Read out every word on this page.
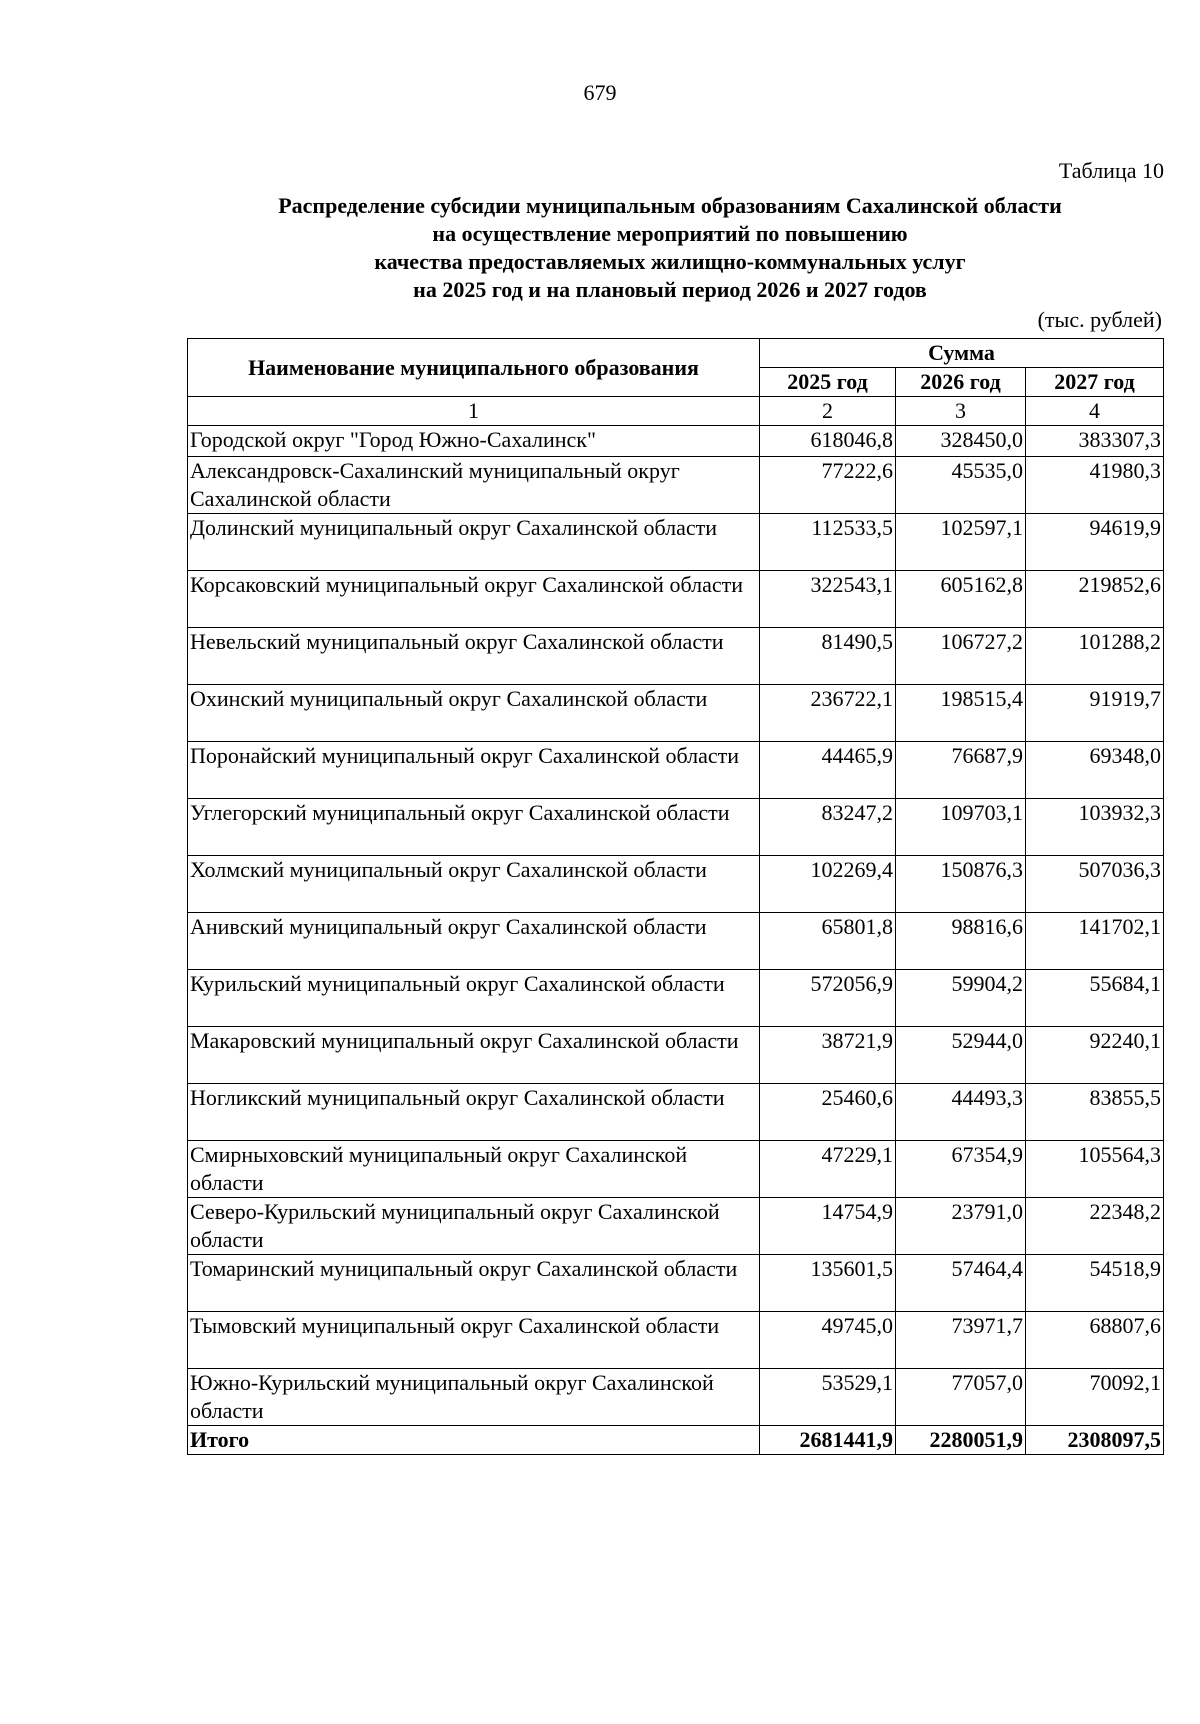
679
Таблица 10
Распределение субсидии муниципальным образованиям Сахалинской области
на осуществление мероприятий по повышению
качества предоставляемых жилищно-коммунальных услуг
на 2025 год и на плановый период 2026 и 2027 годов
(тыс. рублей)
Наименование муниципального образования	Сумма		
	2025 год	2026 год	2027 год
1	2	3	4
Городской округ "Город Южно-Сахалинск"	618046,8	328450,0	383307,3
Александровск-Сахалинский муниципальный округ Сахалинской области	77222,6	45535,0	41980,3
Долинский муниципальный округ Сахалинской области	112533,5	102597,1	94619,9
Корсаковский муниципальный округ Сахалинской области	322543,1	605162,8	219852,6
Невельский муниципальный округ Сахалинской области	81490,5	106727,2	101288,2
Охинский муниципальный округ Сахалинской области	236722,1	198515,4	91919,7
Поронайский муниципальный округ Сахалинской области	44465,9	76687,9	69348,0
Углегорский муниципальный округ Сахалинской области	83247,2	109703,1	103932,3
Холмский муниципальный округ Сахалинской области	102269,4	150876,3	507036,3
Анивский муниципальный округ Сахалинской области	65801,8	98816,6	141702,1
Курильский муниципальный округ Сахалинской области	572056,9	59904,2	55684,1
Макаровский муниципальный округ Сахалинской области	38721,9	52944,0	92240,1
Ногликский муниципальный округ Сахалинской области	25460,6	44493,3	83855,5
Смирныховский муниципальный округ Сахалинской области	47229,1	67354,9	105564,3
Северо-Курильский муниципальный округ Сахалинской области	14754,9	23791,0	22348,2
Томаринский муниципальный округ Сахалинской области	135601,5	57464,4	54518,9
Тымовский муниципальный округ Сахалинской области	49745,0	73971,7	68807,6
Южно-Курильский муниципальный округ Сахалинской области	53529,1	77057,0	70092,1
Итого	2681441,9	2280051,9	2308097,5
